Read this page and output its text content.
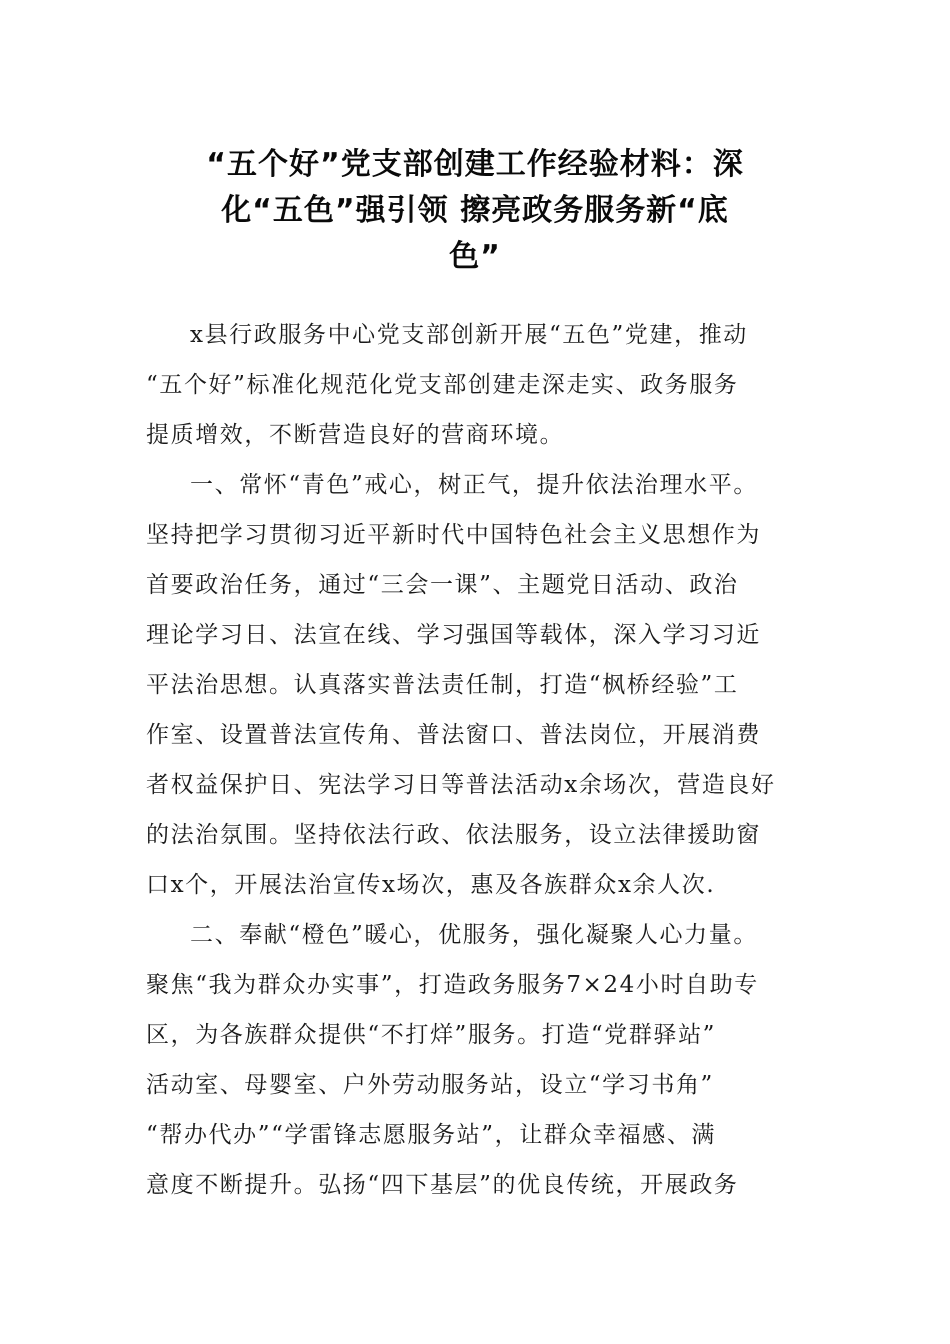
“五个好”党支部创建工作经验材料：深
化“五色”强引领 擦亮政务服务新“底
色”
x县行政服务中心党支部创新开展“五色”党建，推动
“五个好”标准化规范化党支部创建走深走实、政务服务
提质增效，不断营造良好的营商环境。
一、常怀“青色”戒心，树正气，提升依法治理水平。
坚持把学习贯彻习近平新时代中国特色社会主义思想作为
首要政治任务，通过“三会一课”、主题党日活动、政治
理论学习日、法宣在线、学习强国等载体，深入学习习近
平法治思想。认真落实普法责任制，打造“枫桥经验”工
作室、设置普法宣传角、普法窗口、普法岗位，开展消费
者权益保护日、宪法学习日等普法活动x余场次，营造良好
的法治氛围。坚持依法行政、依法服务，设立法律援助窗
口x个，开展法治宣传x场次，惠及各族群众x余人次.
二、奉献“橙色”暖心，优服务，强化凝聚人心力量。
聚焦“我为群众办实事”，打造政务服务7×24小时自助专
区，为各族群众提供“不打烊”服务。打造“党群驿站”
活动室、母婴室、户外劳动服务站，设立“学习书角”
“帮办代办”“学雷锋志愿服务站”，让群众幸福感、满
意度不断提升。弘扬“四下基层”的优良传统，开展政务
